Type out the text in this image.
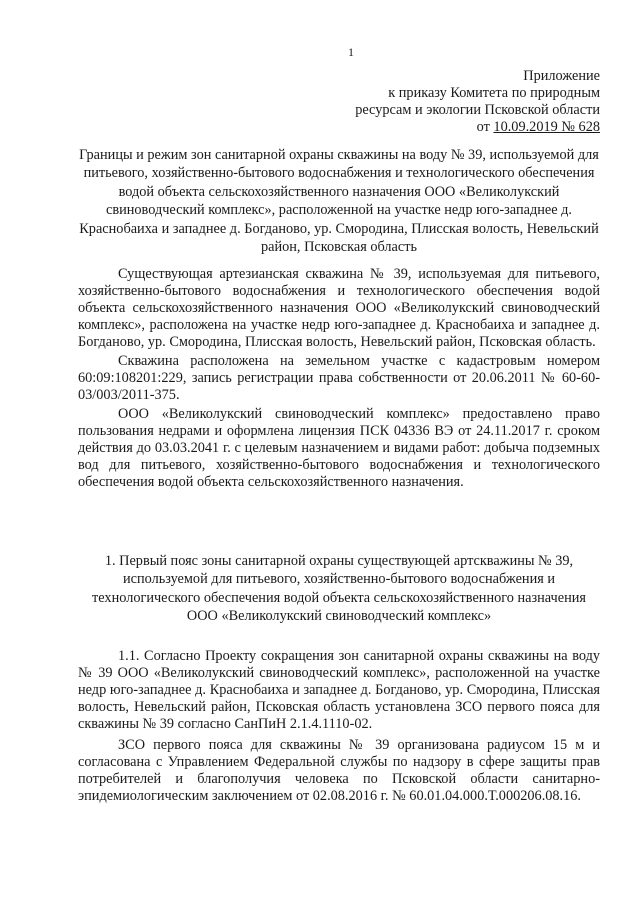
1
Приложение
к приказу Комитета по природным
ресурсам и экологии Псковской области
от 10.09.2019 № 628
Границы и режим зон санитарной охраны скважины на воду № 39, используемой для питьевого, хозяйственно-бытового водоснабжения и технологического обеспечения водой объекта сельскохозяйственного назначения ООО «Великолукский свиноводческий комплекс», расположенной на участке недр юго-западнее д. Краснобаиха и западнее д. Богданово, ур. Смородина, Плисская волость, Невельский район, Псковская область

Существующая артезианская скважина № 39, используемая для питьевого, хозяйственно-бытового водоснабжения и технологического обеспечения водой объекта сельскохозяйственного назначения ООО «Великолукский свиноводческий комплекс», расположена на участке недр юго-западнее д. Краснобаиха и западнее д. Богданово, ур. Смородина, Плисская волость, Невельский район, Псковская область.

Скважина расположена на земельном участке с кадастровым номером 60:09:108201:229, запись регистрации права собственности от 20.06.2011 № 60-60-03/003/2011-375.

ООО «Великолукский свиноводческий комплекс» предоставлено право пользования недрами и оформлена лицензия ПСК 04336 ВЭ от 24.11.2017 г. сроком действия до 03.03.2041 г. с целевым назначением и видами работ: добыча подземных вод для питьевого, хозяйственно-бытового водоснабжения и технологического обеспечения водой объекта сельскохозяйственного назначения.

1. Первый пояс зоны санитарной охраны существующей артскважины № 39, используемой для питьевого, хозяйственно-бытового водоснабжения и технологического обеспечения водой объекта сельскохозяйственного назначения ООО «Великолукский свиноводческий комплекс»

1.1. Согласно Проекту сокращения зон санитарной охраны скважины на воду № 39 ООО «Великолукский свиноводческий комплекс», расположенной на участке недр юго-западнее д. Краснобаиха и западнее д. Богданово, ур. Смородина, Плисская волость, Невельский район, Псковская область установлена ЗСО первого пояса для скважины № 39 согласно СанПиН 2.1.4.1110-02.

ЗСО первого пояса для скважины № 39 организована радиусом 15 м и согласована с Управлением Федеральной службы по надзору в сфере защиты прав потребителей и благополучия человека по Псковской области санитарно-эпидемиологическим заключением от 02.08.2016 г. № 60.01.04.000.Т.000206.08.16.
